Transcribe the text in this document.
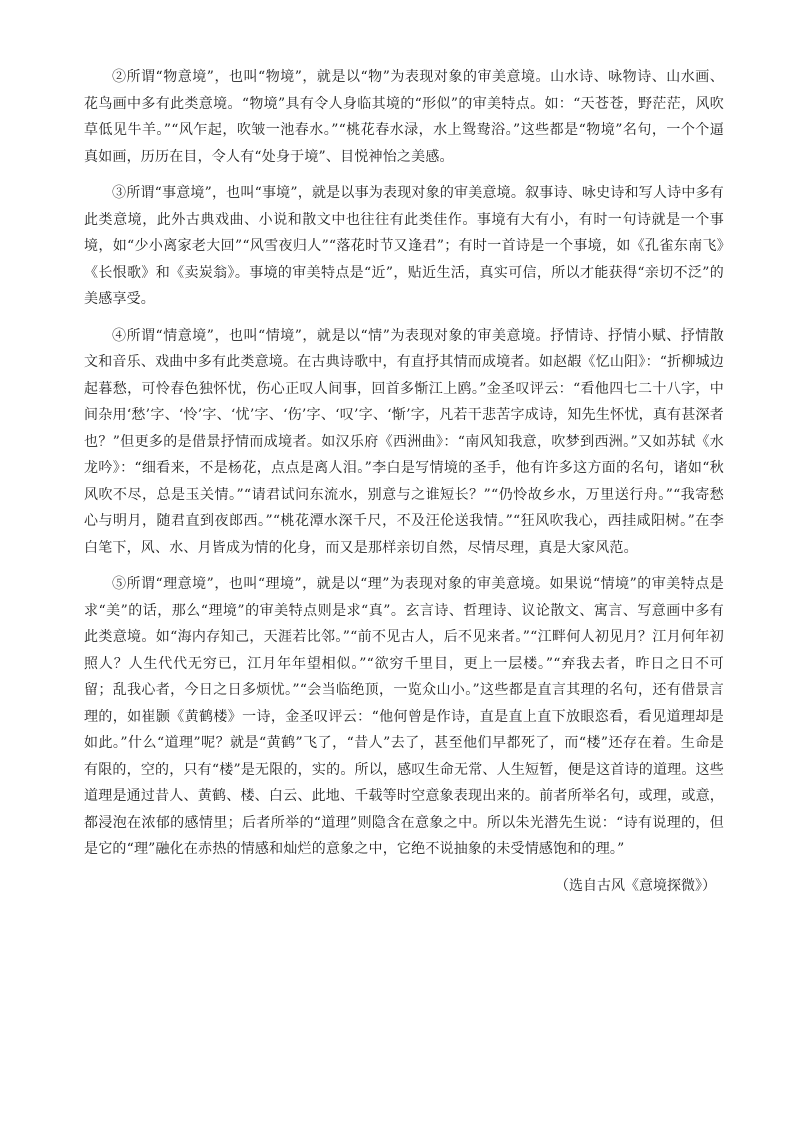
②所谓“物意境”，也叫“物境”，就是以“物”为表现对象的审美意境。山水诗、咏物诗、山水画、花鸟画中多有此类意境。“物境”具有令人身临其境的“形似”的审美特点。如：“天苍苍，野茫茫，风吹草低见牛羊。”“风乍起，吹皱一池春水。”“桃花春水渌，水上鸳鸯浴。”这些都是“物境”名句，一个个逼真如画，历历在目，令人有“处身于境”、目悦神怡之美感。

③所谓“事意境”，也叫“事境”，就是以事为表现对象的审美意境。叙事诗、咏史诗和写人诗中多有此类意境，此外古典戏曲、小说和散文中也往往有此类佳作。事境有大有小，有时一句诗就是一个事境，如“少小离家老大回”“风雪夜归人”“落花时节又逢君”；有时一首诗是一个事境，如《孔雀东南飞》《长恨歌》和《卖炭翁》。事境的审美特点是“近”，贴近生活，真实可信，所以才能获得“亲切不泛”的美感享受。

④所谓“情意境”，也叫“情境”，就是以“情”为表现对象的审美意境。抒情诗、抒情小赋、抒情散文和音乐、戏曲中多有此类意境。在古典诗歌中，有直抒其情而成境者。如赵嘏《忆山阳》：“折柳城边起暮愁，可怜春色独怀忧，伤心正叹人间事，回首多惭江上鸥。”金圣叹评云：“看他四七二十八字，中间杂用‘愁’字、‘怜’字、‘忧’字、‘伤’字、‘叹’字、‘惭’字，凡若干悲苦字成诗，知先生怀忧，真有甚深者也？”但更多的是借景抒情而成境者。如汉乐府《西洲曲》：“南风知我意，吹梦到西洲。”又如苏轼《水龙吟》：“细看来，不是杨花，点点是离人泪。”李白是写情境的圣手，他有许多这方面的名句，诸如“秋风吹不尽，总是玉关情。”“请君试问东流水，别意与之谁短长？”“仍怜故乡水，万里送行舟。”“我寄愁心与明月，随君直到夜郎西。”“桃花潭水深千尺，不及汪伦送我情。”“狂风吹我心，西挂咸阳树。”在李白笔下，风、水、月皆成为情的化身，而又是那样亲切自然，尽情尽理，真是大家风范。

⑤所谓“理意境”，也叫“理境”，就是以“理”为表现对象的审美意境。如果说“情境”的审美特点是求“美”的话，那么“理境”的审美特点则是求“真”。玄言诗、哲理诗、议论散文、寓言、写意画中多有此类意境。如“海内存知己，天涯若比邻。”“前不见古人，后不见来者。”“江畔何人初见月？江月何年初照人？人生代代无穷已，江月年年望相似。”“欲穷千里目，更上一层楼。”“弃我去者，昨日之日不可留；乱我心者，今日之日多烦忧。”“会当临绝顶，一览众山小。”这些都是直言其理的名句，还有借景言理的，如崔颢《黄鹤楼》一诗，金圣叹评云：“他何曾是作诗，直是直上直下放眼恣看，看见道理却是如此。”什么“道理”呢？就是“黄鹤”飞了，“昔人”去了，甚至他们早都死了，而“楼”还存在着。生命是有限的，空的，只有“楼”是无限的，实的。所以，感叹生命无常、人生短暂，便是这首诗的道理。这些道理是通过昔人、黄鹤、楼、白云、此地、千载等时空意象表现出来的。前者所举名句，或理，或意，都浸泡在浓郁的感情里；后者所举的“道理”则隐含在意象之中。所以朱光潜先生说：“诗有说理的，但是它的“理”融化在赤热的情感和灿烂的意象之中，它绝不说抽象的未受情感饱和的理。”

（选自古风《意境探微》）
